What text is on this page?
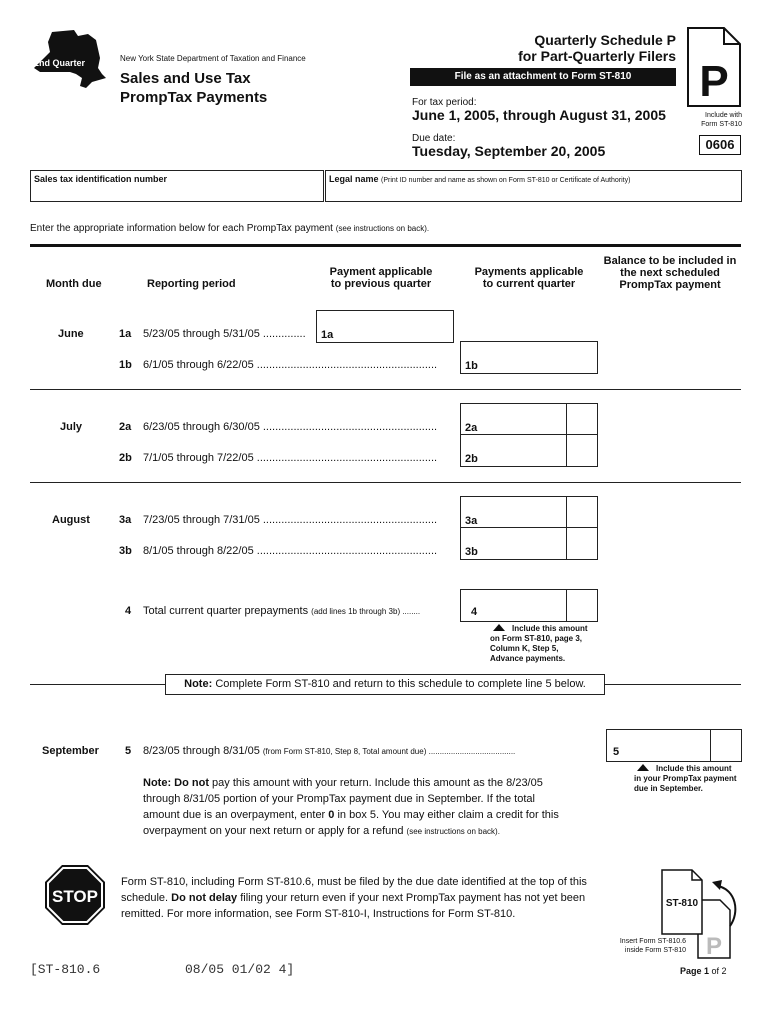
2nd Quarter	New York State Department of Taxation and Finance
Sales and Use Tax
PrompTax Payments
Quarterly Schedule P
for Part-Quarterly Filers
File as an attachment to Form ST-810
For tax period:
June 1, 2005, through August 31, 2005
Due date:
Tuesday, September 20, 2005
P
Include with
Form ST-810
0606
Sales tax identification number	Legal name (Print ID number and name as shown on Form ST-810 or Certificate of Authority)
Enter the appropriate information below for each PrompTax payment (see instructions on back).
Month due	Reporting period
Payment applicable
to previous quarter
Payments applicable
to current quarter
Balance to be included in
the next scheduled
PrompTax payment
June	1a 5/23/05 through 5/31/05 .............. 1a
1b 6/1/05 through 6/22/05 ...........................................................	1b
July	2a 6/23/05 through 6/30/05 .........................................................	2a
2b 7/1/05 through 7/22/05 ...........................................................	2b
August	3a 7/23/05 through 7/31/05 .........................................................	3a
3b 8/1/05 through 8/22/05 ...........................................................	3b
4 Total current quarter prepayments (add lines 1b through 3b) ........	4
Include this amount
on Form ST-810, page 3,
Column K, Step 5,
Advance payments.
Note: Complete Form ST-810 and return to this schedule to complete line 5 below.
September 5 8/23/05 through 8/31/05 (from Form ST-810, Step 8, Total amount due) .......................................	5
Include this amount
in your PrompTax payment
due in September.
Note: Do not pay this amount with your return. Include this amount as the 8/23/05
through 8/31/05 portion of your PrompTax payment due in September. If the total
amount due is an overpayment, enter 0 in box 5. You may either claim a credit for this
overpayment on your next return or apply for a refund (see instructions on back).
STOP
Form ST-810, including Form ST-810.6, must be filed by the due date identified at the top of this
schedule. Do not delay filing your return even if your next PrompTax payment has not yet been
remitted. For more information, see Form ST-810-I, Instructions for Form ST-810.
ST-810
P
Insert Form ST-810.6
inside Form ST-810
[ST-810.6	08/05 01/02 4]	Page 1 of 2
